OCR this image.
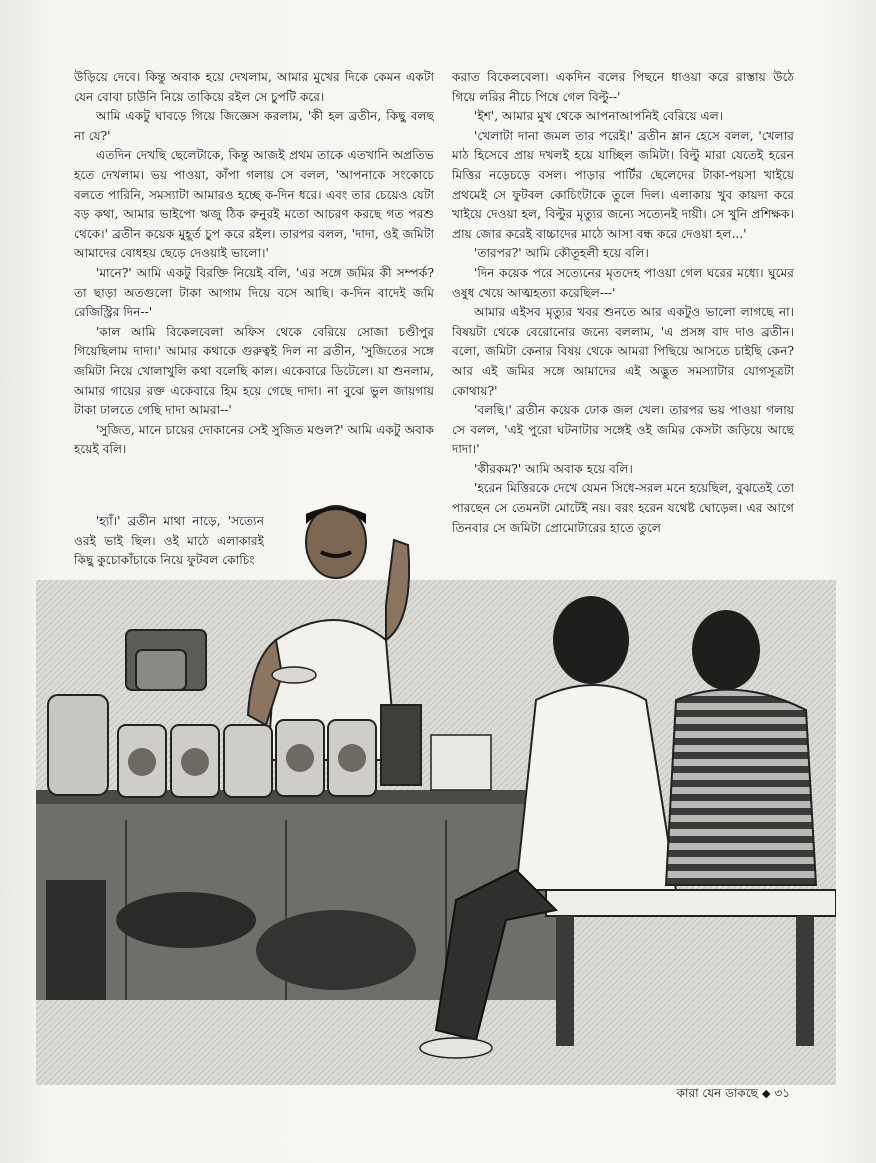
উড়িয়ে দেবে। কিন্তু অবাক হয়ে দেখলাম, আমার মুখের দিকে কেমন একটা যেন বোবা চাউনি নিয়ে তাকিয়ে রইল সে চুপটি করে।

আমি একটু ঘাবড়ে গিয়ে জিজ্ঞেস করলাম, 'কী হল ব্রতীন, কিছু বলছ না যে?'

এতদিন দেখছি ছেলেটাকে, কিন্তু আজই প্রথম তাকে এতখানি অপ্রতিভ হতে দেখলাম। ভয় পাওয়া, কাঁপা গলায় সে বলল, 'আপনাকে সংকোচে বলতে পারিনি, সমস্যাটা আমারও হচ্ছে ক-দিন ধরে। এবং তার চেয়েও যেটা বড় কথা, আমার ভাইপো ঋজু ঠিক রুনুরই মতো আচরণ করছে গত পরশু থেকে।' ব্রতীন কয়েক মুহূর্ত চুপ করে রইল। তারপর বলল, 'দাদা, ওই জমিটা আমাদের বোধহয় ছেড়ে দেওয়াই ভালো।'

'মানে?' আমি একটু বিরক্তি নিয়েই বলি, 'এর সঙ্গে জমির কী সম্পর্ক? তা ছাড়া অতগুলো টাকা আগাম দিয়ে বসে আছি। ক-দিন বাদেই জমি রেজিস্ট্রির দিন--'

'কাল আমি বিকেলবেলা অফিস থেকে বেরিয়ে সোজা চণ্ডীপুর গিয়েছিলাম দাদা।' আমার কথাকে গুরুত্বই দিল না ব্রতীন, 'সুজিতের সঙ্গে জমিটা নিয়ে খোলাখুলি কথা বলেছি কাল। একেবারে ডিটেলে। যা শুনলাম, আমার গায়ের রক্ত একেবারে হিম হয়ে গেছে দাদা। না বুঝে ভুল জায়গায় টাকা ঢালতে গেছি দাদা আমরা--'

'সুজিত, মানে চায়ের দোকানের সেই সুজিত মণ্ডল?' আমি একটু অবাক হয়েই বলি।

'হ্যাঁ।' ব্রতীন মাথা নাড়ে, 'সত্যেন ওরই ভাই ছিল। ওই মাঠে এলাকারই কিছু কুচোকাঁচাকে নিয়ে ফুটবল কোচিং

করাত বিকেলবেলা। একদিন বলের পিছনে ধাওয়া করে রাস্তায় উঠে গিয়ে লরির নীচে পিষে গেল বিল্টু--'

'ইশ', আমার মুখ থেকে আপনাআপনিই বেরিয়ে এল।

'খেলাটা দানা জমল তার পরেই।' ব্রতীন ম্লান হেসে বলল, 'খেলার মাঠ হিসেবে প্রায় দখলই হয়ে যাচ্ছিল জমিটা। বিল্টু মারা যেতেই হরেন মিত্তির নড়েচড়ে বসল। পাড়ার পার্টির ছেলেদের টাকা-পয়সা খাইয়ে প্রথমেই সে ফুটবল কোচিংটাকে তুলে দিল। এলাকায় খুব কায়দা করে খাইয়ে দেওয়া হল, বিল্টুর মৃত্যুর জন্যে সত্যেনই দায়ী। সে খুনি প্রশিক্ষক। প্রায় জোর করেই বাচ্চাদের মাঠে আসা বন্ধ করে দেওয়া হল...'

'তারপর?' আমি কৌতূহলী হয়ে বলি।

'দিন কয়েক পরে সত্যেনের মৃতদেহ পাওয়া গেল ঘরের মধ্যে। ঘুমের ওষুধ খেয়ে আত্মহত্যা করেছিল---'

আমার এইসব মৃত্যুর খবর শুনতে আর একটুও ভালো লাগছে না। বিষয়টা থেকে বেরোনোর জন্যে বললাম, 'এ প্রসঙ্গ বাদ দাও ব্রতীন। বলো, জমিটা কেনার বিষয় থেকে আমরা পিছিয়ে আসতে চাইছি কেন? আর এই জমির সঙ্গে আমাদের এই অদ্ভুত সমস্যাটার যোগসূত্রটা কোথায়?'

'বলছি।' ব্রতীন কয়েক ঢোক জল খেল। তারপর ভয় পাওয়া গলায় সে বলল, 'এই পুরো ঘটনাটার সঙ্গেই ওই জমির কেসটা জড়িয়ে আছে দাদা।'

'কীরকম?' আমি অবাক হয়ে বলি।

'হরেন মিত্তিরকে দেখে যেমন সিধে-সরল মনে হয়েছিল, বুঝতেই তো পারছেন সে তেমনটা মোটেই নয়। বরং হরেন যথেষ্ট ঘোড়েল। এর আগে তিনবার সে জমিটা প্রোমোটারের হাতে তুলে

কারা যেন ডাকছে ◆ ৩১
